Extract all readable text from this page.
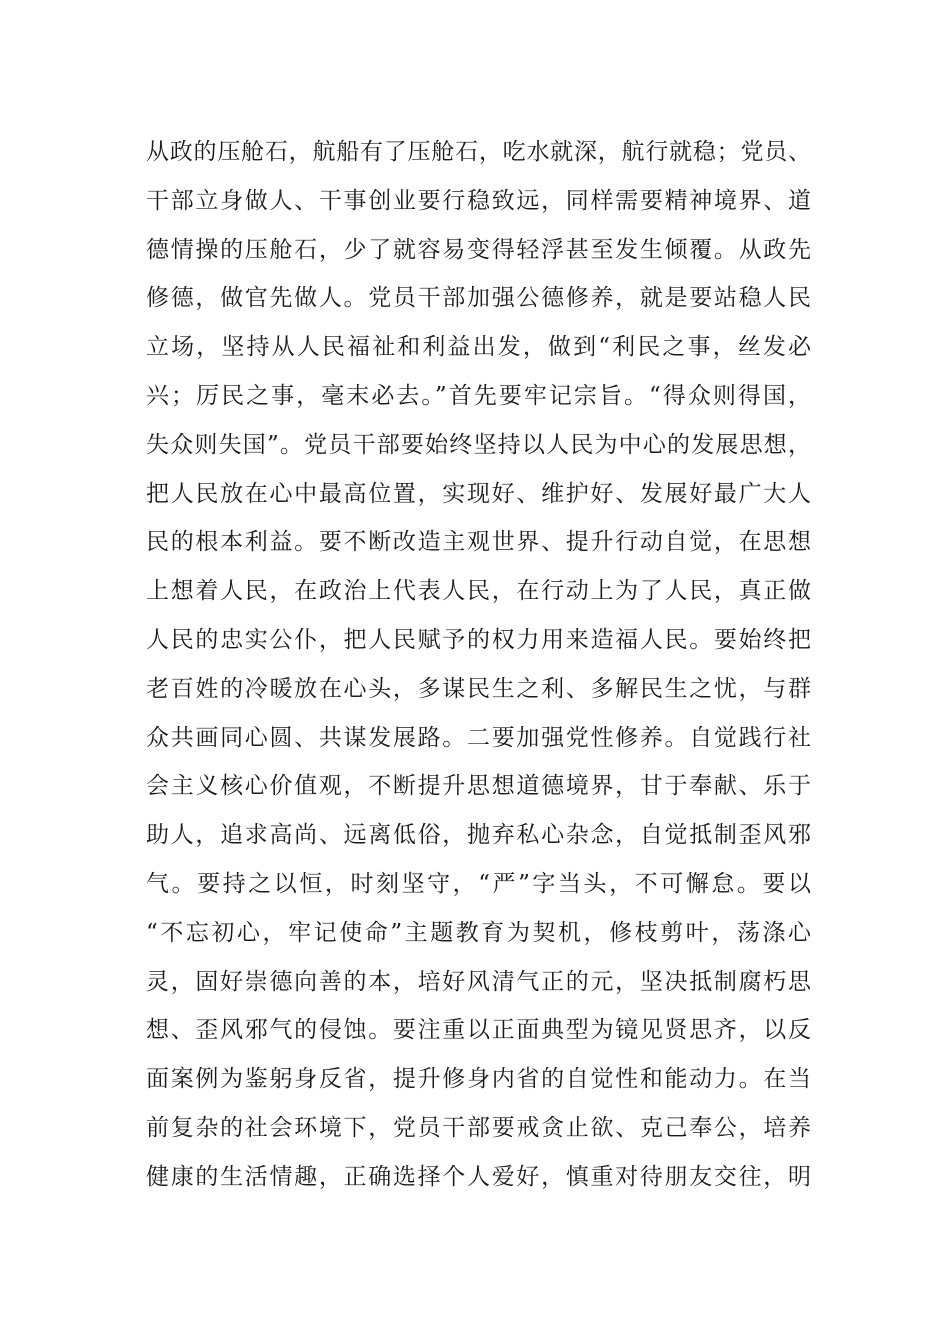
从政的压舱石，航船有了压舱石，吃水就深，航行就稳；党员、
干部立身做人、干事创业要行稳致远，同样需要精神境界、道
德情操的压舱石，少了就容易变得轻浮甚至发生倾覆。从政先
修德，做官先做人。党员干部加强公德修养，就是要站稳人民
立场，坚持从人民福祉和利益出发，做到“利民之事，丝发必
兴；厉民之事，毫末必去。”首先要牢记宗旨。“得众则得国，
失众则失国”。党员干部要始终坚持以人民为中心的发展思想，
把人民放在心中最高位置，实现好、维护好、发展好最广大人
民的根本利益。要不断改造主观世界、提升行动自觉，在思想
上想着人民，在政治上代表人民，在行动上为了人民，真正做
人民的忠实公仆，把人民赋予的权力用来造福人民。要始终把
老百姓的冷暖放在心头，多谋民生之利、多解民生之忧，与群
众共画同心圆、共谋发展路。二要加强党性修养。自觉践行社
会主义核心价值观，不断提升思想道德境界，甘于奉献、乐于
助人，追求高尚、远离低俗，抛弃私心杂念，自觉抵制歪风邪
气。要持之以恒，时刻坚守，“严”字当头，不可懈怠。要以
“不忘初心，牢记使命”主题教育为契机，修枝剪叶，荡涤心
灵，固好崇德向善的本，培好风清气正的元，坚决抵制腐朽思
想、歪风邪气的侵蚀。要注重以正面典型为镜见贤思齐，以反
面案例为鉴躬身反省，提升修身内省的自觉性和能动力。在当
前复杂的社会环境下，党员干部要戒贪止欲、克己奉公，培养
健康的生活情趣，正确选择个人爱好，慎重对待朋友交往，明
